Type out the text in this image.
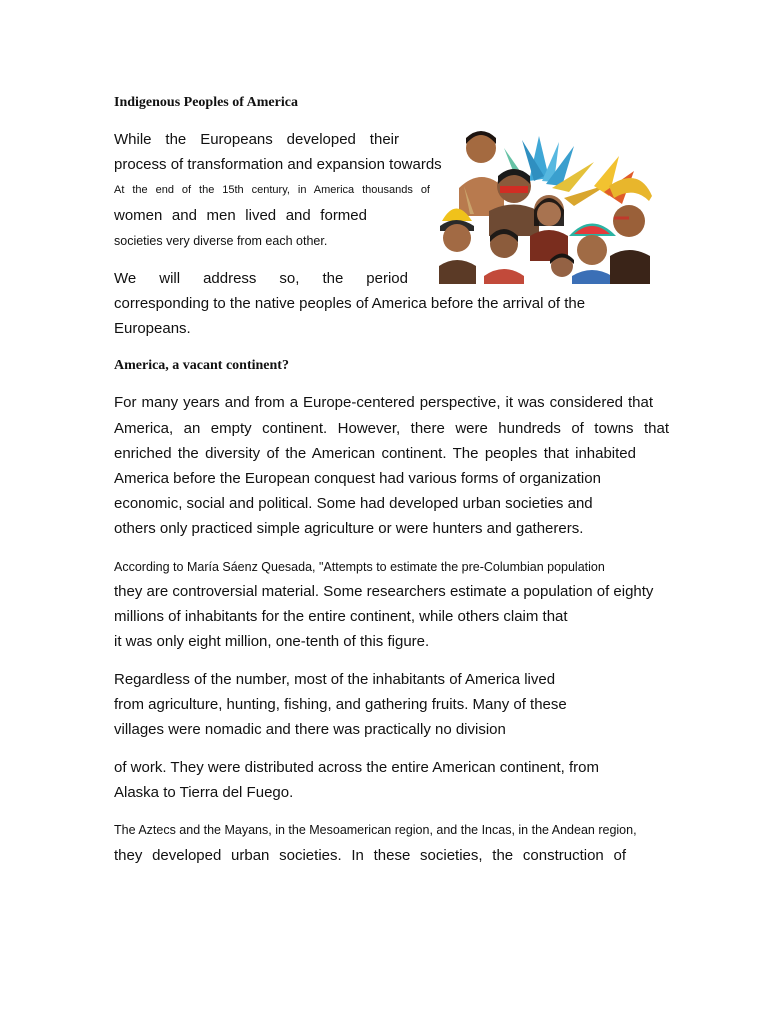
Indigenous Peoples of America
While the Europeans developed their
process of transformation and expansion towards
At the end of the 15th century, in America thousands of
women and men lived and formed
societies very diverse from each other.
We will address so, the period
corresponding to the native peoples of America before the arrival of the
Europeans.
America, a vacant continent?
For many years and from a Europe-centered perspective, it was considered that
America, an empty continent. However, there were hundreds of towns that
enriched the diversity of the American continent. The peoples that inhabited
America before the European conquest had various forms of organization
economic, social and political. Some had developed urban societies and
others only practiced simple agriculture or were hunters and gatherers.
According to María Sáenz Quesada, "Attempts to estimate the pre-Columbian population
they are controversial material. Some researchers estimate a population of eighty
millions of inhabitants for the entire continent, while others claim that
it was only eight million, one-tenth of this figure.
Regardless of the number, most of the inhabitants of America lived
from agriculture, hunting, fishing, and gathering fruits. Many of these
villages were nomadic and there was practically no division
of work. They were distributed across the entire American continent, from
Alaska to Tierra del Fuego.
The Aztecs and the Mayans, in the Mesoamerican region, and the Incas, in the Andean region,
they developed urban societies. In these societies, the construction of
